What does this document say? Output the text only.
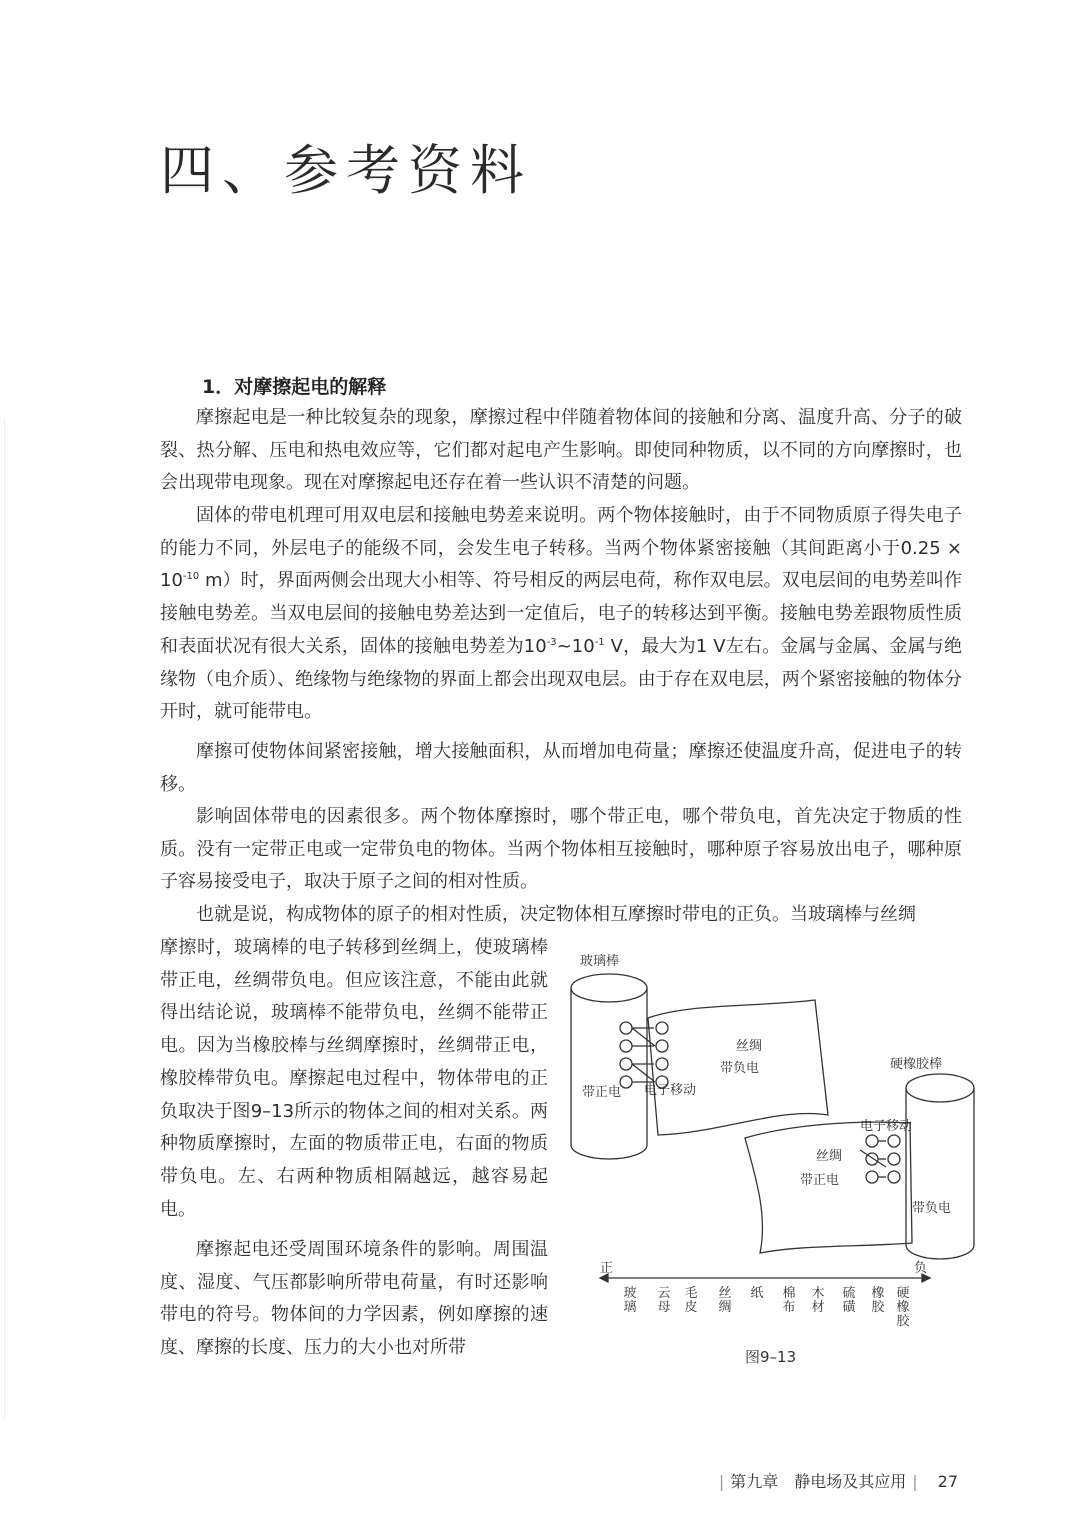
四、参考资料
1．对摩擦起电的解释

摩擦起电是一种比较复杂的现象，摩擦过程中伴随着物体间的接触和分离、温度升高、分子的破裂、热分解、压电和热电效应等，它们都对起电产生影响。即使同种物质，以不同的方向摩擦时，也会出现带电现象。现在对摩擦起电还存在着一些认识不清楚的问题。

固体的带电机理可用双电层和接触电势差来说明。两个物体接触时，由于不同物质原子得失电子的能力不同，外层电子的能级不同，会发生电子转移。当两个物体紧密接触（其间距离小于$0.25 \times 10^{-10}$ m）时，界面两侧会出现大小相等、符号相反的两层电荷，称作双电层。双电层间的电势差叫作接触电势差。当双电层间的接触电势差达到一定值后，电子的转移达到平衡。接触电势差跟物质性质和表面状况有很大关系，固体的接触电势差为$10^{-3}\sim 10^{-1}$ V，最大为1 V左右。金属与金属、金属与绝缘物（电介质）、绝缘物与绝缘物的界面上都会出现双电层。由于存在双电层，两个紧密接触的物体分开时，就可能带电。

摩擦可使物体间紧密接触，增大接触面积，从而增加电荷量；摩擦还使温度升高，促进电子的转移。

影响固体带电的因素很多。两个物体摩擦时，哪个带正电，哪个带负电，首先决定于物质的性质。没有一定带正电或一定带负电的物体。当两个物体相互接触时，哪种原子容易放出电子，哪种原子容易接受电子，取决于原子之间的相对性质。

也就是说，构成物体的原子的相对性质，决定物体相互摩擦时带电的正负。当玻璃棒与丝绸

摩擦时，玻璃棒的电子转移到丝绸上，使玻璃棒带正电，丝绸带负电。但应该注意，不能由此就得出结论说，玻璃棒不能带负电，丝绸不能带正电。因为当橡胶棒与丝绸摩擦时，丝绸带正电，橡胶棒带负电。摩擦起电过程中，物体带电的正负取决于图9–13所示的物体之间的相对关系。两种物质摩擦时，左面的物质带正电，右面的物质带负电。左、右两种物质相隔越远，越容易起电。

摩擦起电还受周围环境条件的影响。周围温度、湿度、气压都影响所带电荷量，有时还影响带电的符号。物体间的力学因素，例如摩擦的速度、摩擦的长度、压力的大小也对所带

玻璃棒
丝绸
带负电
带正电 电子移动
硬橡胶棒
电子移动
丝绸
带正电
带负电
正	负
玻璃
云母
毛皮
丝绸
纸 棉布
木材
硫磺
橡胶
硬橡胶
图9–13
| 第九章　静电场及其应用 | 27
